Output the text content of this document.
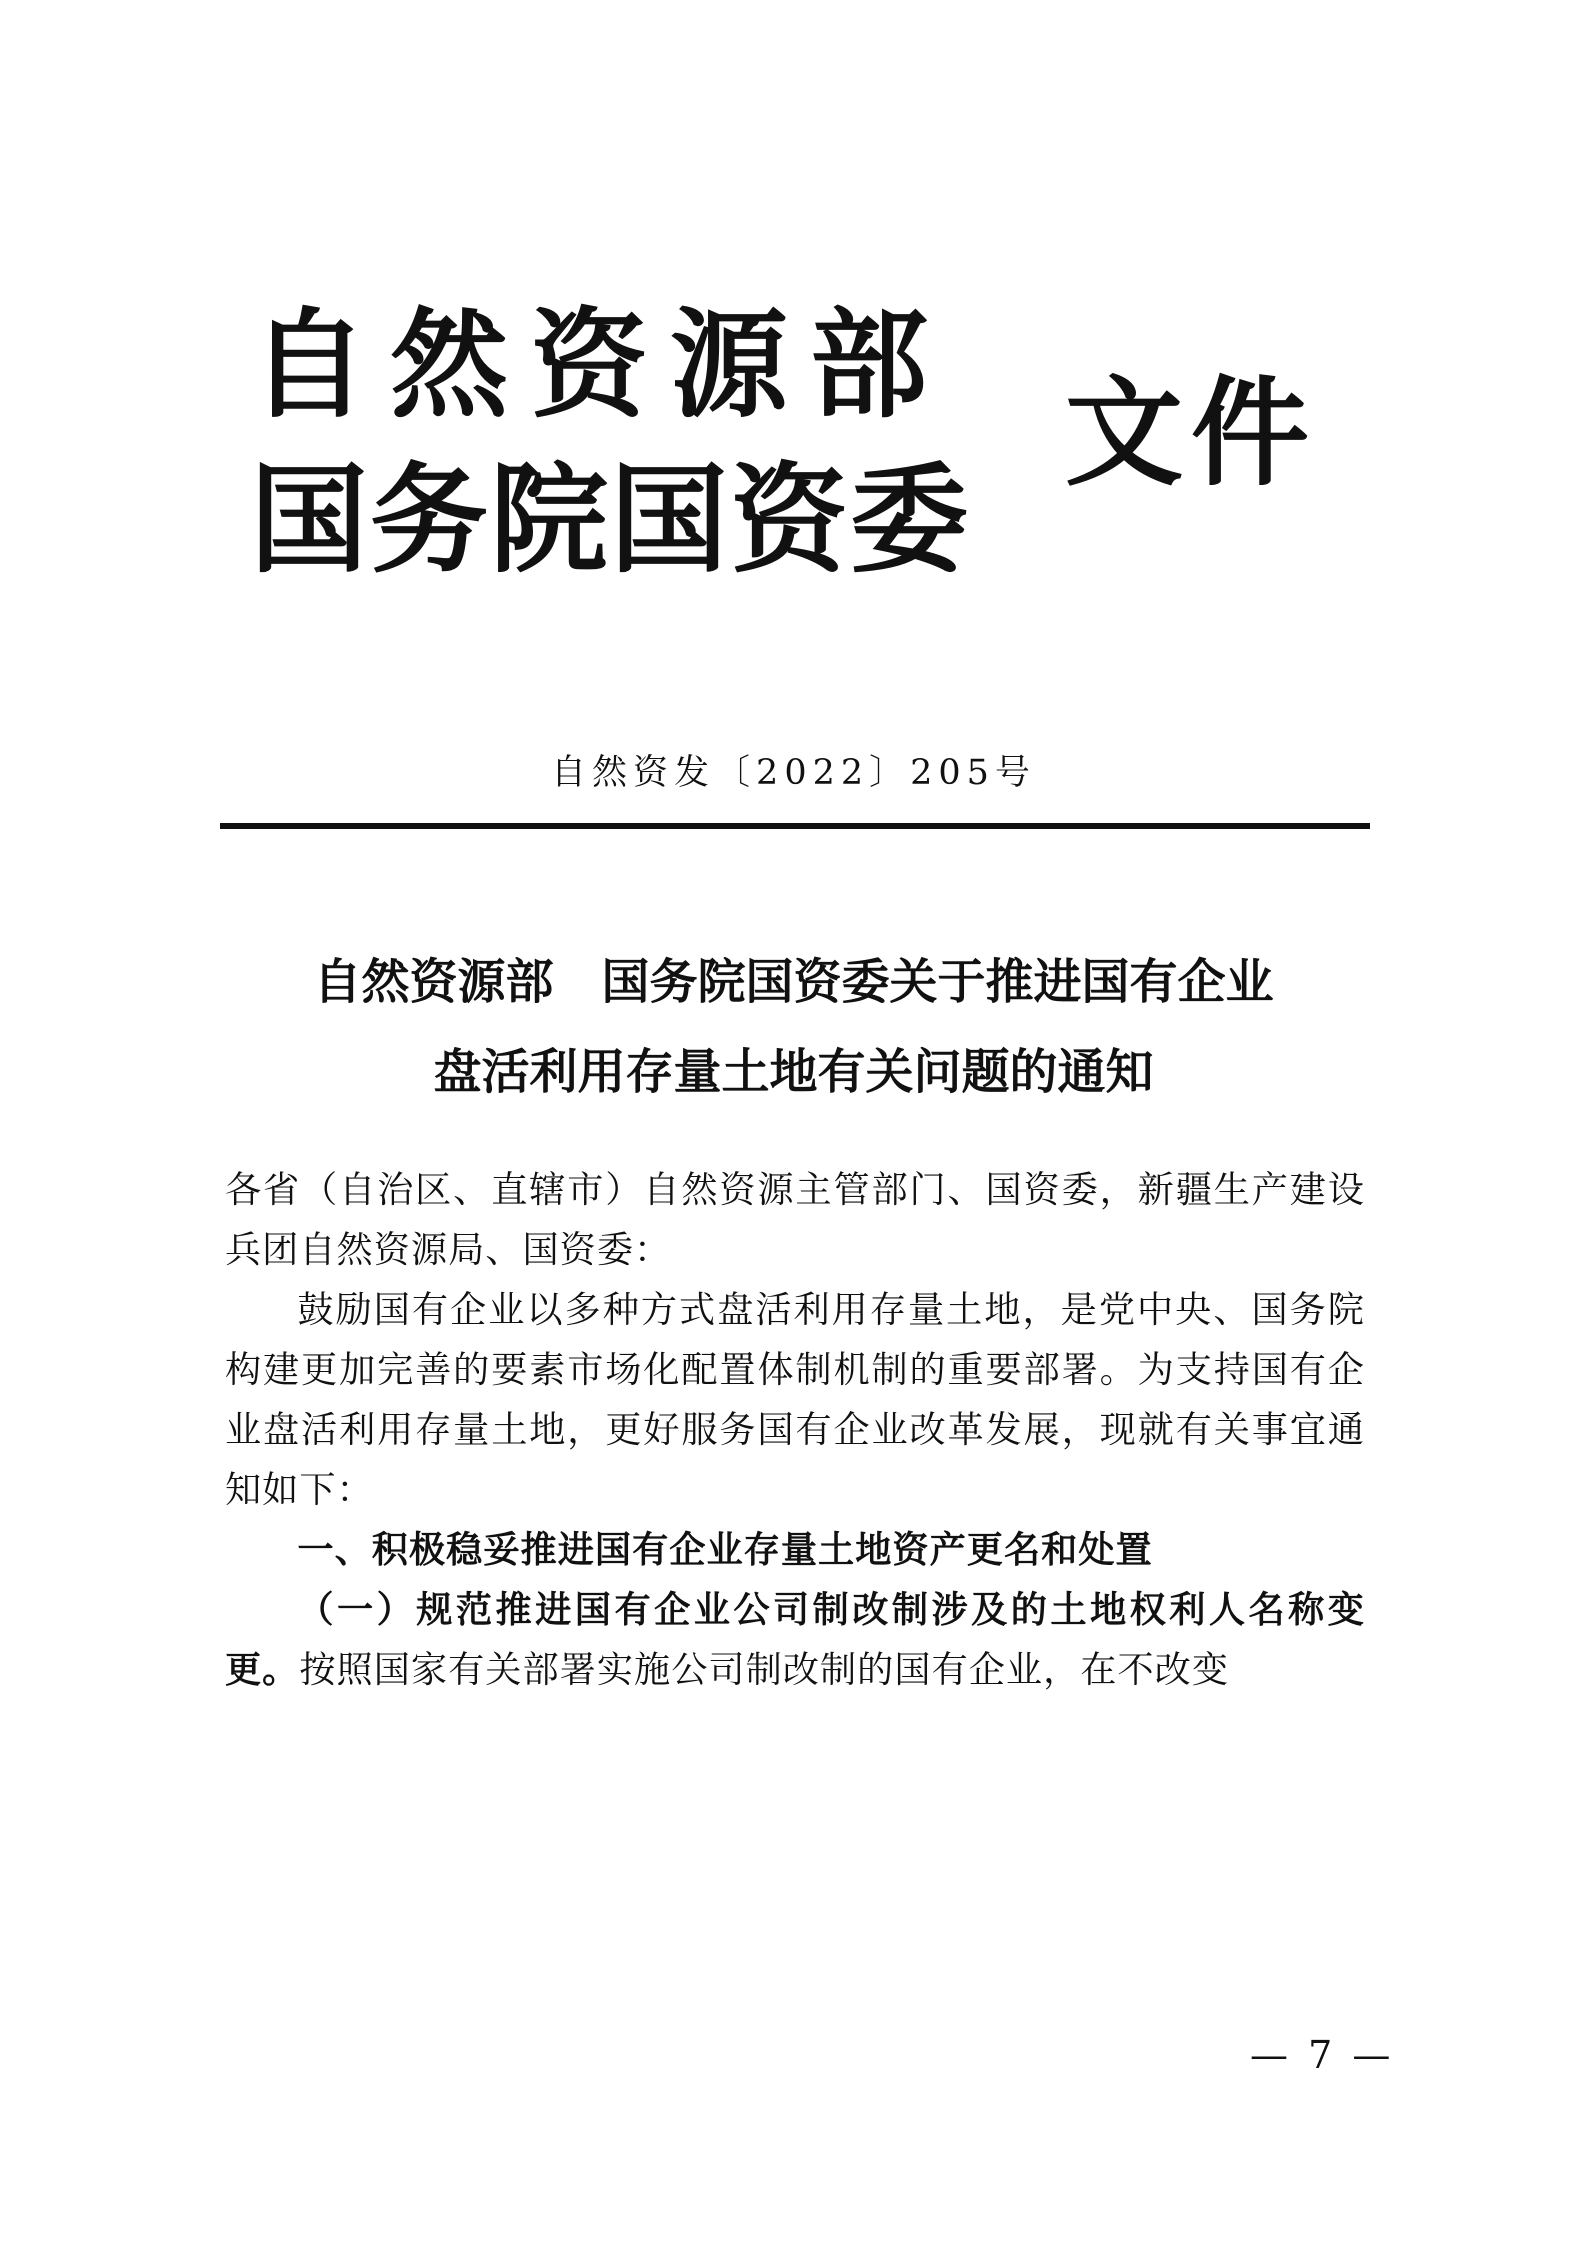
自然资源部
国务院国资委
文件
自然资发〔2022〕205号
自然资源部　国务院国资委关于推进国有企业
盘活利用存量土地有关问题的通知

各省（自治区、直辖市）自然资源主管部门、国资委，新疆生产建设兵团自然资源局、国资委：

鼓励国有企业以多种方式盘活利用存量土地，是党中央、国务院构建更加完善的要素市场化配置体制机制的重要部署。为支持国有企业盘活利用存量土地，更好服务国有企业改革发展，现就有关事宜通知如下：

一、积极稳妥推进国有企业存量土地资产更名和处置

（一）规范推进国有企业公司制改制涉及的土地权利人名称变更。按照国家有关部署实施公司制改制的国有企业，在不改变

— 7 —
